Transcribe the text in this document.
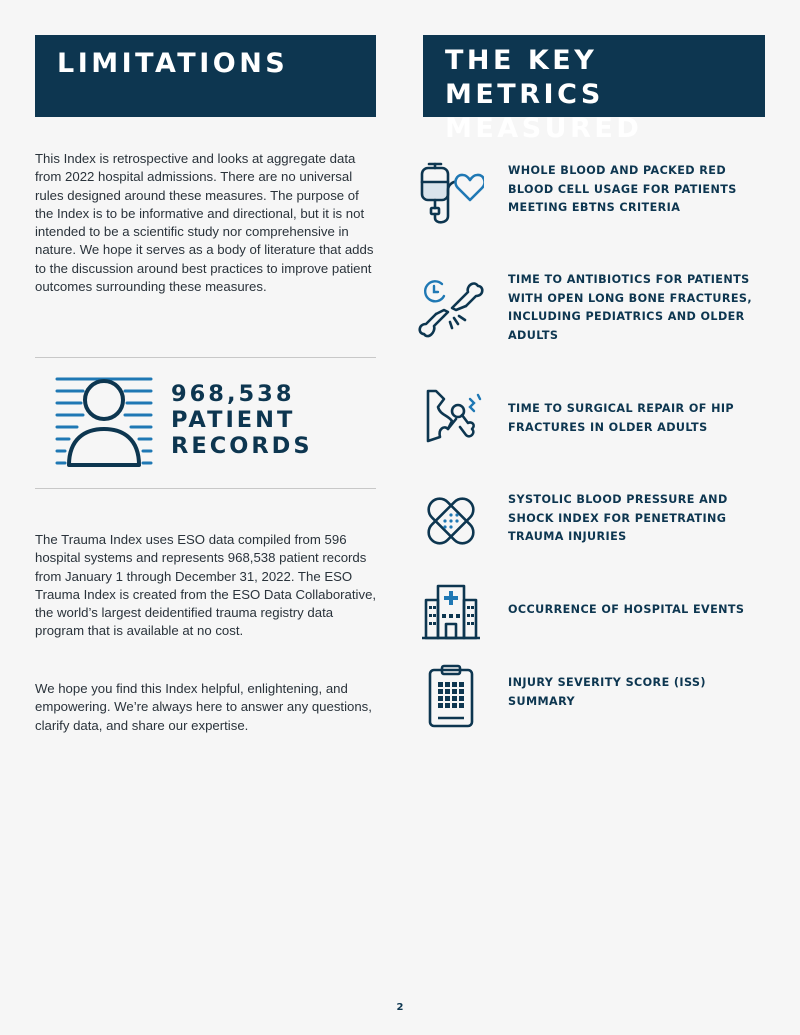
LIMITATIONS

This Index is retrospective and looks at aggregate data from 2022 hospital admissions. There are no universal rules designed around these measures. The purpose of the Index is to be informative and directional, but it is not intended to be a scientific study nor comprehensive in nature. We hope it serves as a body of literature that adds to the discussion around best practices to improve patient outcomes surrounding these measures.

968,538
PATIENT
RECORDS

The Trauma Index uses ESO data compiled from 596 hospital systems and represents 968,538 patient records from January 1 through December 31, 2022. The ESO Trauma Index is created from the ESO Data Collaborative, the world’s largest deidentified trauma registry data program that is available at no cost.

We hope you find this Index helpful, enlightening, and empowering. We’re always here to answer any questions, clarify data, and share our expertise.

THE KEY METRICS
MEASURED

WHOLE BLOOD AND PACKED RED BLOOD CELL USAGE FOR PATIENTS MEETING EBTNS CRITERIA

TIME TO ANTIBIOTICS FOR PATIENTS WITH OPEN LONG BONE FRACTURES, INCLUDING PEDIATRICS AND OLDER ADULTS

TIME TO SURGICAL REPAIR OF HIP FRACTURES IN OLDER ADULTS

SYSTOLIC BLOOD PRESSURE AND SHOCK INDEX FOR PENETRATING TRAUMA INJURIES

OCCURRENCE OF HOSPITAL EVENTS

INJURY SEVERITY SCORE (ISS) SUMMARY

2
